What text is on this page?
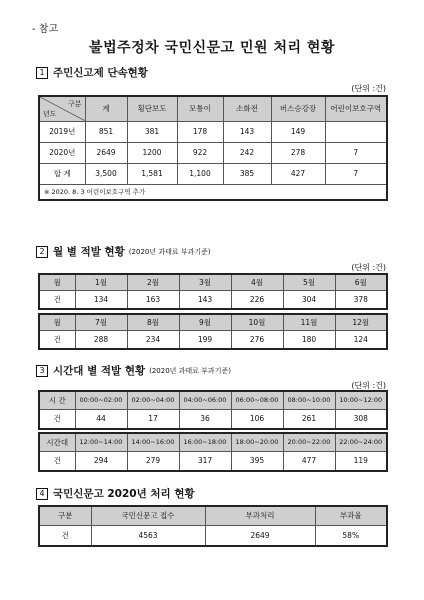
- 참고
불법주정차 국민신문고 민원 처리 현황
1 주민신고제 단속현황
(단위 :건)
구분
년도	계	횡단보도	모퉁이	소화전	버스승강장	어린이보호구역
2019년	851	381	178	143	149	
2020년	2649	1200	922	242	278	7
합 계	3,500	1,581	1,100	385	427	7
※ 2020. 8. 3 어린이보호구역 추가						
2 월 별 적발 현황 (2020년 과태료 부과기준)
(단위 :건)
월	1월	2월	3월	4월	5월	6월
건	134	163	143	226	304	378
월	7월	8월	9월	10월	11월	12월
건	288	234	199	276	180	124
3 시간대 별 적발 현황 (2020년 과태료 부과기준)
(단위 :건)
시 간	00:00~02:00	02:00~04:00	04:00~06:00	06:00~08:00	08:00~10:00	10:00~12:00
건	44	17	36	106	261	308
시간대	12:00~14:00	14:00~16:00	16:00~18:00	18:00~20:00	20:00~22:00	22:00~24:00
건	294	279	317	395	477	119
4 국민신문고 2020년 처리 현황
구분	국민신문고 접수	부과처리	부과율
건	4563	2649	58%
